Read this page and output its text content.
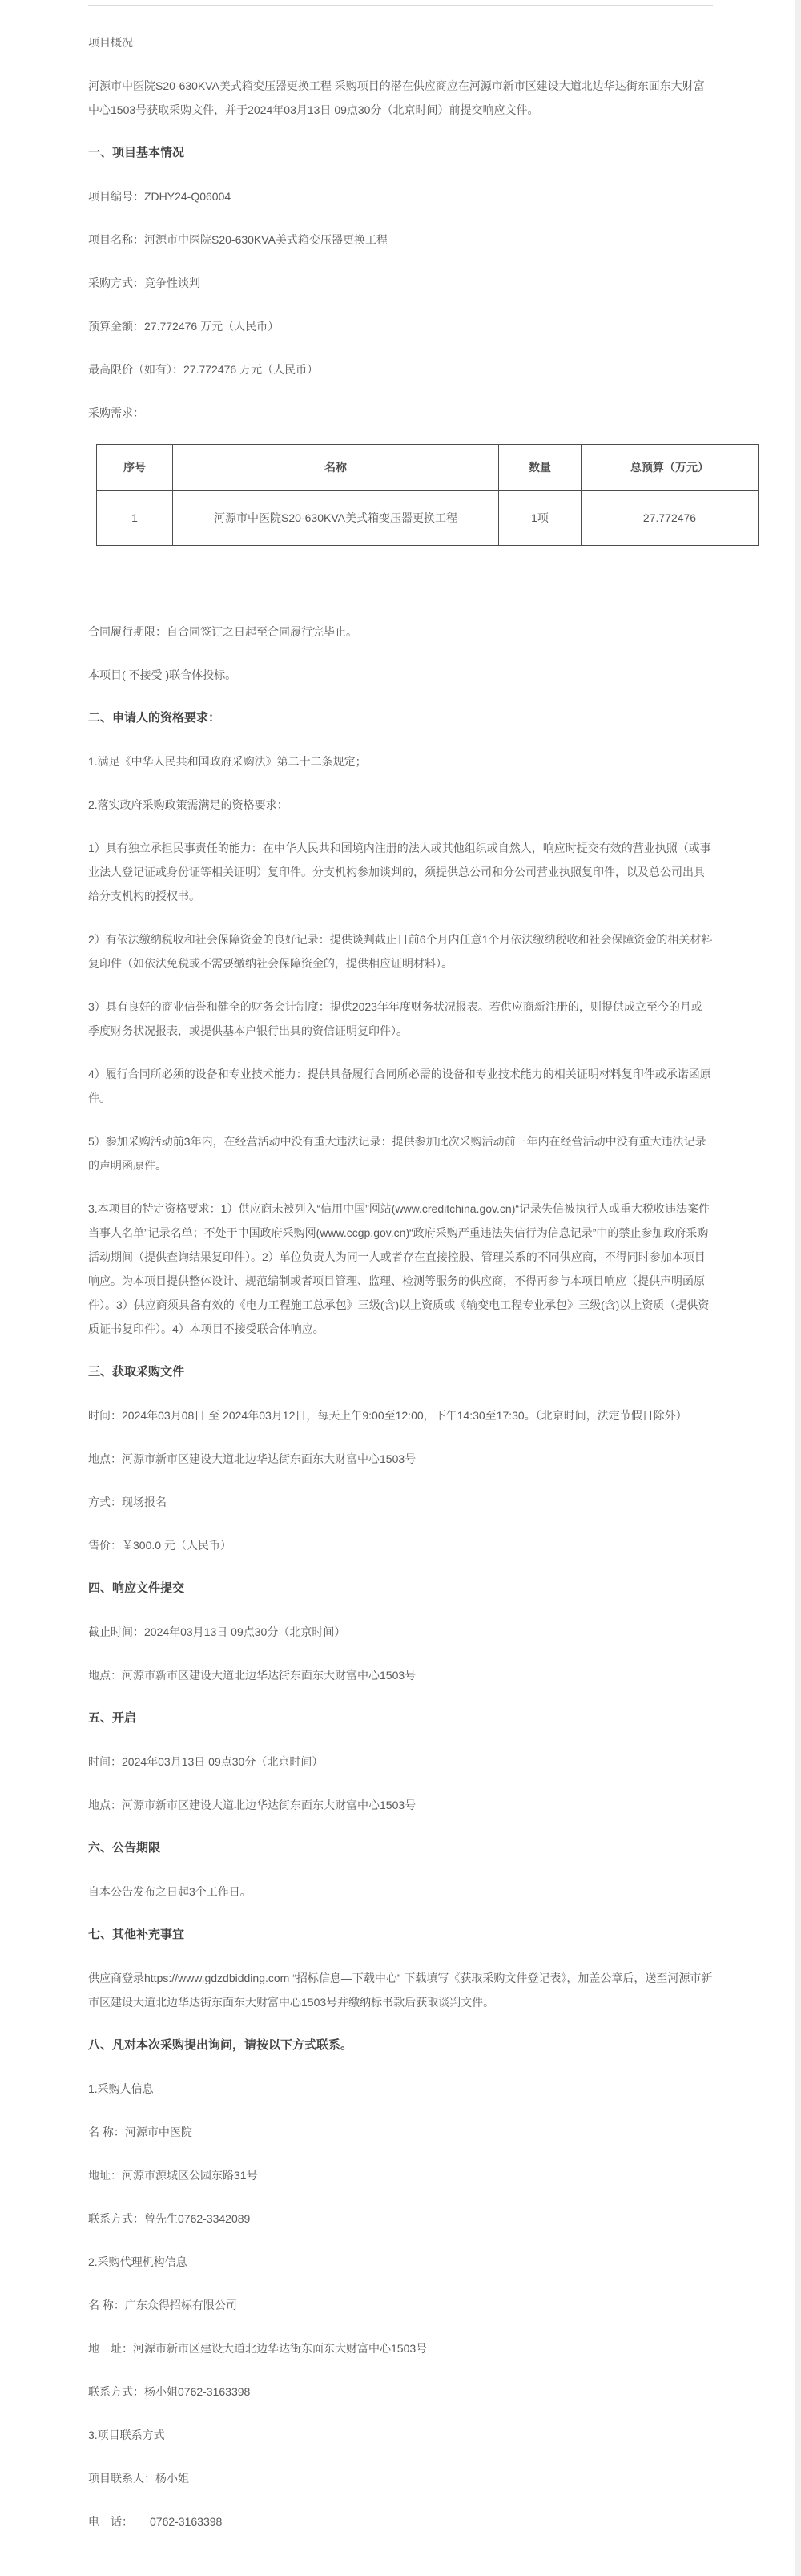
项目概况

河源市中医院S20-630KVA美式箱变压器更换工程 采购项目的潜在供应商应在河源市新市区建设大道北边华达街东面东大财富中心1503号获取采购文件，并于2024年03月13日 09点30分（北京时间）前提交响应文件。

一、项目基本情况

项目编号：ZDHY24-Q06004

项目名称：河源市中医院S20-630KVA美式箱变压器更换工程

采购方式：竞争性谈判

预算金额：27.772476 万元（人民币）

最高限价（如有）：27.772476 万元（人民币）

采购需求：

序号	名称	数量	总预算（万元）
1	河源市中医院S20-630KVA美式箱变压器更换工程	1项	27.772476

合同履行期限：自合同签订之日起至合同履行完毕止。

本项目( 不接受 )联合体投标。

二、申请人的资格要求：

1.满足《中华人民共和国政府采购法》第二十二条规定；

2.落实政府采购政策需满足的资格要求：

1）具有独立承担民事责任的能力：在中华人民共和国境内注册的法人或其他组织或自然人，响应时提交有效的营业执照（或事业法人登记证或身份证等相关证明）复印件。分支机构参加谈判的，须提供总公司和分公司营业执照复印件，以及总公司出具给分支机构的授权书。

2）有依法缴纳税收和社会保障资金的良好记录：提供谈判截止日前6个月内任意1个月依法缴纳税收和社会保障资金的相关材料复印件（如依法免税或不需要缴纳社会保障资金的，提供相应证明材料）。

3）具有良好的商业信誉和健全的财务会计制度：提供2023年年度财务状况报表。若供应商新注册的，则提供成立至今的月或季度财务状况报表，或提供基本户银行出具的资信证明复印件）。

4）履行合同所必须的设备和专业技术能力：提供具备履行合同所必需的设备和专业技术能力的相关证明材料复印件或承诺函原件。

5）参加采购活动前3年内，在经营活动中没有重大违法记录：提供参加此次采购活动前三年内在经营活动中没有重大违法记录的声明函原件。

3.本项目的特定资格要求：1）供应商未被列入“信用中国”网站(www.creditchina.gov.cn)“记录失信被执行人或重大税收违法案件当事人名单”记录名单；不处于中国政府采购网(www.ccgp.gov.cn)“政府采购严重违法失信行为信息记录”中的禁止参加政府采购活动期间（提供查询结果复印件）。2）单位负责人为同一人或者存在直接控股、管理关系的不同供应商，不得同时参加本项目响应。为本项目提供整体设计、规范编制或者项目管理、监理、检测等服务的供应商，不得再参与本项目响应（提供声明函原件）。3）供应商须具备有效的《电力工程施工总承包》三级(含)以上资质或《输变电工程专业承包》三级(含)以上资质（提供资质证书复印件）。4）本项目不接受联合体响应。

三、获取采购文件

时间：2024年03月08日 至 2024年03月12日，每天上午9:00至12:00，下午14:30至17:30。（北京时间，法定节假日除外）

地点：河源市新市区建设大道北边华达街东面东大财富中心1503号

方式：现场报名

售价：￥300.0 元（人民币）

四、响应文件提交

截止时间：2024年03月13日 09点30分（北京时间）

地点：河源市新市区建设大道北边华达街东面东大财富中心1503号

五、开启

时间：2024年03月13日 09点30分（北京时间）

地点：河源市新市区建设大道北边华达街东面东大财富中心1503号

六、公告期限

自本公告发布之日起3个工作日。

七、其他补充事宜

供应商登录https://www.gdzdbidding.com “招标信息—下载中心” 下载填写《获取采购文件登记表》，加盖公章后，送至河源市新市区建设大道北边华达街东面东大财富中心1503号并缴纳标书款后获取谈判文件。

八、凡对本次采购提出询问，请按以下方式联系。

1.采购人信息

名 称：河源市中医院

地址：河源市源城区公园东路31号

联系方式：曾先生0762-3342089

2.采购代理机构信息

名 称：广东众得招标有限公司

地　址：河源市新市区建设大道北边华达街东面东大财富中心1503号

联系方式：杨小姐0762-3163398

3.项目联系方式

项目联系人：杨小姐

电　话：　　0762-3163398
